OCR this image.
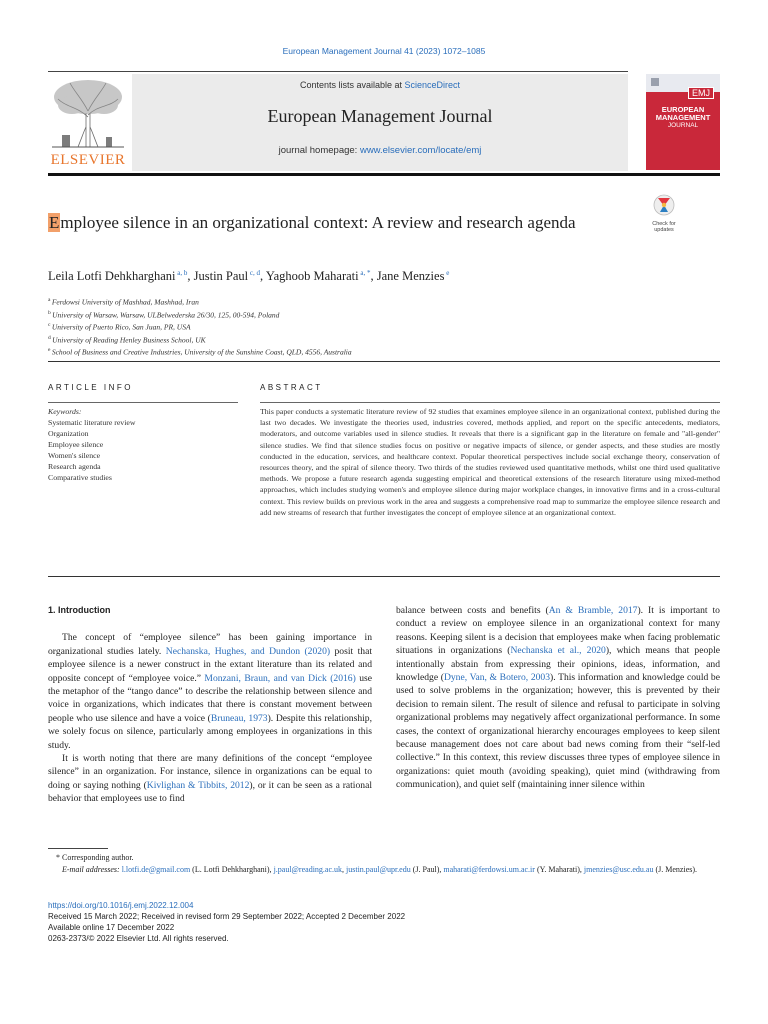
European Management Journal 41 (2023) 1072–1085
ELSEVIER
Contents lists available at ScienceDirect
European Management Journal
journal homepage: www.elsevier.com/locate/emj
EMJ
EUROPEAN
MANAGEMENT
JOURNAL
Employee silence in an organizational context: A review and research agenda	Check for
updates
Leila Lotfi Dehkharghani $^{a, b}$, Justin Paul $^{c, d}$, Yaghoob Maharati $^{a, *}$, Jane Menzies $^e$
$^a$ Ferdowsi University of Mashhad, Mashhad, Iran
$^b$ University of Warsaw, Warsaw, ULBelwederska 26/30, 125, 00-594, Poland
$^c$ University of Puerto Rico, San Juan, PR, USA
$^d$ University of Reading Henley Business School, UK
$^e$ School of Business and Creative Industries, University of the Sunshine Coast, QLD, 4556, Australia
ARTICLE INFO	ABSTRACT
Keywords:
Systematic literature review
Organization
Employee silence
Women's silence
Research agenda
Comparative studies
This paper conducts a systematic literature review of 92 studies that examines employee silence in an organizational context, published during the last two decades. We investigate the theories used, industries covered, methods applied, and report on the specific antecedents, mediators, moderators, and outcome variables used in silence studies. It reveals that there is a significant gap in the literature on female and "all-gender" silence studies. We find that silence studies focus on positive or negative impacts of silence, or gender aspects, and these studies are mostly conducted in the education, services, and healthcare context. Popular theoretical perspectives include social exchange theory, conservation of resources theory, and the spiral of silence theory. Two thirds of the studies reviewed used quantitative methods, whilst one third used qualitative methods. We propose a future research agenda suggesting empirical and theoretical extensions of the research literature using mixed-method approaches, which includes studying women's and employee silence during major workplace changes, in innovative firms and in a cross-cultural context. This review builds on previous work in the area and suggests a comprehensive road map to summarize the employee silence research and add new streams of research that further investigates the concept of employee silence at an organizational context.
1. Introduction

The concept of “employee silence” has been gaining importance in organizational studies lately. Nechanska, Hughes, and Dundon (2020) posit that employee silence is a newer construct in the extant literature than its related and opposite concept of “employee voice.” Monzani, Braun, and van Dick (2016) use the metaphor of the “tango dance” to describe the relationship between silence and voice in organizations, which indicates that there is constant movement between people who use silence and have a voice (Bruneau, 1973). Despite this relationship, we solely focus on silence, particularly among employees in organizations in this study.

It is worth noting that there are many definitions of the concept “employee silence” in an organization. For instance, silence in organizations can be equal to doing or saying nothing (Kivlighan & Tibbits, 2012), or it can be seen as a rational behavior that employees use to find

balance between costs and benefits (An & Bramble, 2017). It is important to conduct a review on employee silence in an organizational context for many reasons. Keeping silent is a decision that employees make when facing problematic situations in organizations (Nechanska et al., 2020), which means that people intentionally abstain from expressing their opinions, ideas, information, and knowledge (Dyne, Van, & Botero, 2003). This information and knowledge could be used to solve problems in the organization; however, this is prevented by their decision to remain silent. The result of silence and refusal to participate in solving organizational problems may negatively affect organizational performance. In some cases, the context of organizational hierarchy encourages employees to keep silent because management does not care about bad news coming from their “self-led collective.” In this context, this review discusses three types of employee silence in organizations: quiet mouth (avoiding speaking), quiet mind (withdrawing from communication), and quiet self (maintaining inner silence within

* Corresponding author.
E-mail addresses: l.lotfi.de@gmail.com (L. Lotfi Dehkharghani), j.paul@reading.ac.uk, justin.paul@upr.edu (J. Paul), maharati@ferdowsi.um.ac.ir (Y. Maharati), jmenzies@usc.edu.au (J. Menzies).
https://doi.org/10.1016/j.emj.2022.12.004
Received 15 March 2022; Received in revised form 29 September 2022; Accepted 2 December 2022
Available online 17 December 2022
0263-2373/© 2022 Elsevier Ltd. All rights reserved.
